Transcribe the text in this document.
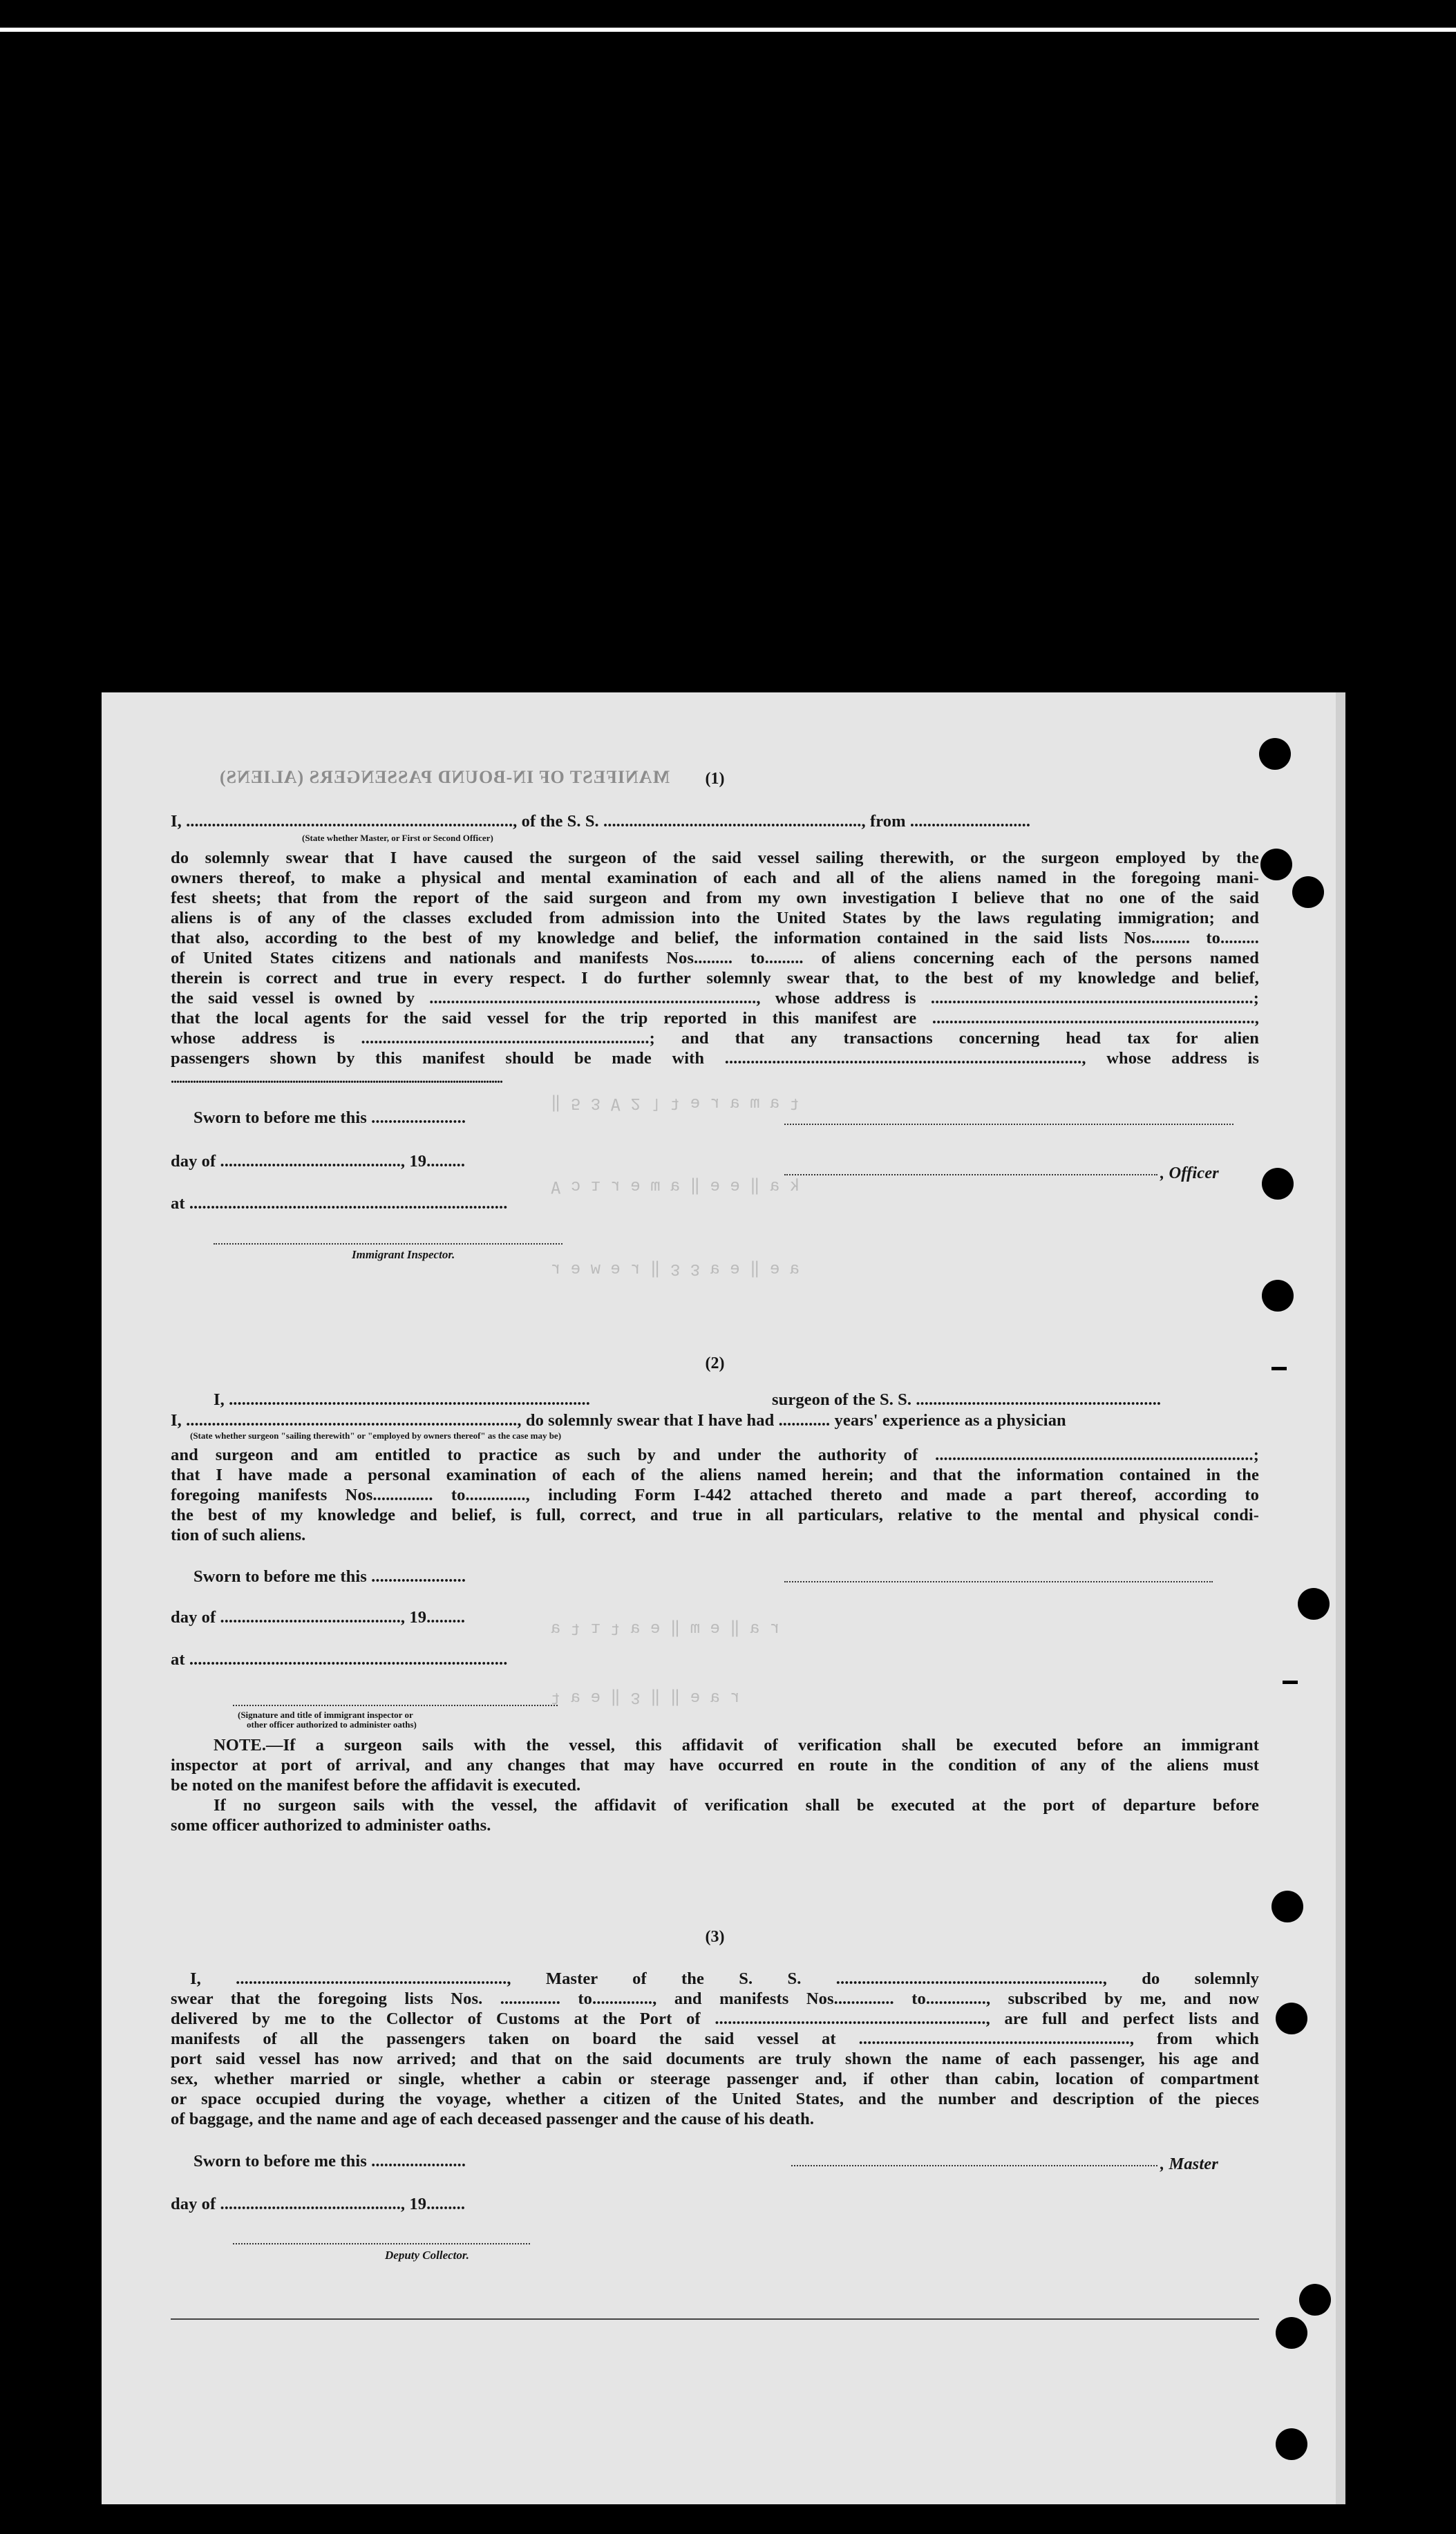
MANIFEST OF IN-BOUND PASSENGERS (ALIENS)
‖ 5 3 Ɐ 2 ˥ ʇ ǝ ɹ ɐ ɯ ɐ ʇ
Ɐ ɔ ı ɹ ǝ ɯ ɐ ‖ ǝ ǝ ‖ ɐ ʞ
ɹ ǝ ʍ ǝ ɹ ‖ 3 3 ɐ ǝ ‖ ǝ ɐ
ɐ ʇ ı ʇ ɐ ǝ ‖ ɯ ǝ ‖ ɐ ɹ
ʇ ɐ ǝ ‖ 3 ‖ ‖ ǝ ɐ ɹ
(1)
I, ............................................................................, of the S. S. ............................................................, from ............................
(State whether Master, or First or Second Officer)
do solemnly swear that I have caused the surgeon of the said vessel sailing therewith, or the surgeon employed by the
owners thereof, to make a physical and mental examination of each and all of the aliens named in the foregoing mani-
fest sheets; that from the report of the said surgeon and from my own investigation I believe that no one of the said
aliens is of any of the classes excluded from admission into the United States by the laws regulating immigration; and
that also, according to the best of my knowledge and belief, the information contained in the said lists Nos......... to.........
of United States citizens and nationals and manifests Nos......... to......... of aliens concerning each of the persons named
therein is correct and true in every respect. I do further solemnly swear that, to the best of my knowledge and belief,
the said vessel is owned by ............................................................................, whose address is ...........................................................................;
that the local agents for the said vessel for the trip reported in this manifest are ...........................................................................,
whose address is ...................................................................; and that any transactions concerning head tax for alien
passengers shown by this manifest should be made with ..................................................................................., whose address is
........................................................................................................................
Sworn to before me this ......................
day of .........................................., 19.........
at ..........................................................................
Immigrant Inspector.
, Officer
(2)
surgeon of the S. S. .........................................................
I, ....................................................................................
I, ............................................................................., do solemnly swear that I have had ............ years' experience as a physician
(State whether surgeon "sailing therewith" or "employed by owners thereof" as the case may be)
and surgeon and am entitled to practice as such by and under the authority of ..........................................................................;
that I have made a personal examination of each of the aliens named herein; and that the information contained in the
foregoing manifests Nos.............. to.............., including Form I-442 attached thereto and made a part thereof, according to
the best of my knowledge and belief, is full, correct, and true in all particulars, relative to the mental and physical condi-
tion of such aliens.
Sworn to before me this ......................
day of .........................................., 19.........
at ..........................................................................
(Signature and title of immigrant inspector or
other officer authorized to administer oaths)
NOTE.—If a surgeon sails with the vessel, this affidavit of verification shall be executed before an immigrant
inspector at port of arrival, and any changes that may have occurred en route in the condition of any of the aliens must
be noted on the manifest before the affidavit is executed.
If no surgeon sails with the vessel, the affidavit of verification shall be executed at the port of departure before
some officer authorized to administer oaths.
(3)
I, ..............................................................., Master of the S. S. .............................................................., do solemnly
swear that the foregoing lists Nos. .............. to.............., and manifests Nos.............. to.............., subscribed by me, and now
delivered by me to the Collector of Customs at the Port of ..............................................................., are full and perfect lists and
manifests of all the passengers taken on board the said vessel at ..............................................................., from which
port said vessel has now arrived; and that on the said documents are truly shown the name of each passenger, his age and
sex, whether married or single, whether a cabin or steerage passenger and, if other than cabin, location of compartment
or space occupied during the voyage, whether a citizen of the United States, and the number and description of the pieces
of baggage, and the name and age of each deceased passenger and the cause of his death.
Sworn to before me this ......................
day of .........................................., 19.........
, Master
Deputy Collector.
